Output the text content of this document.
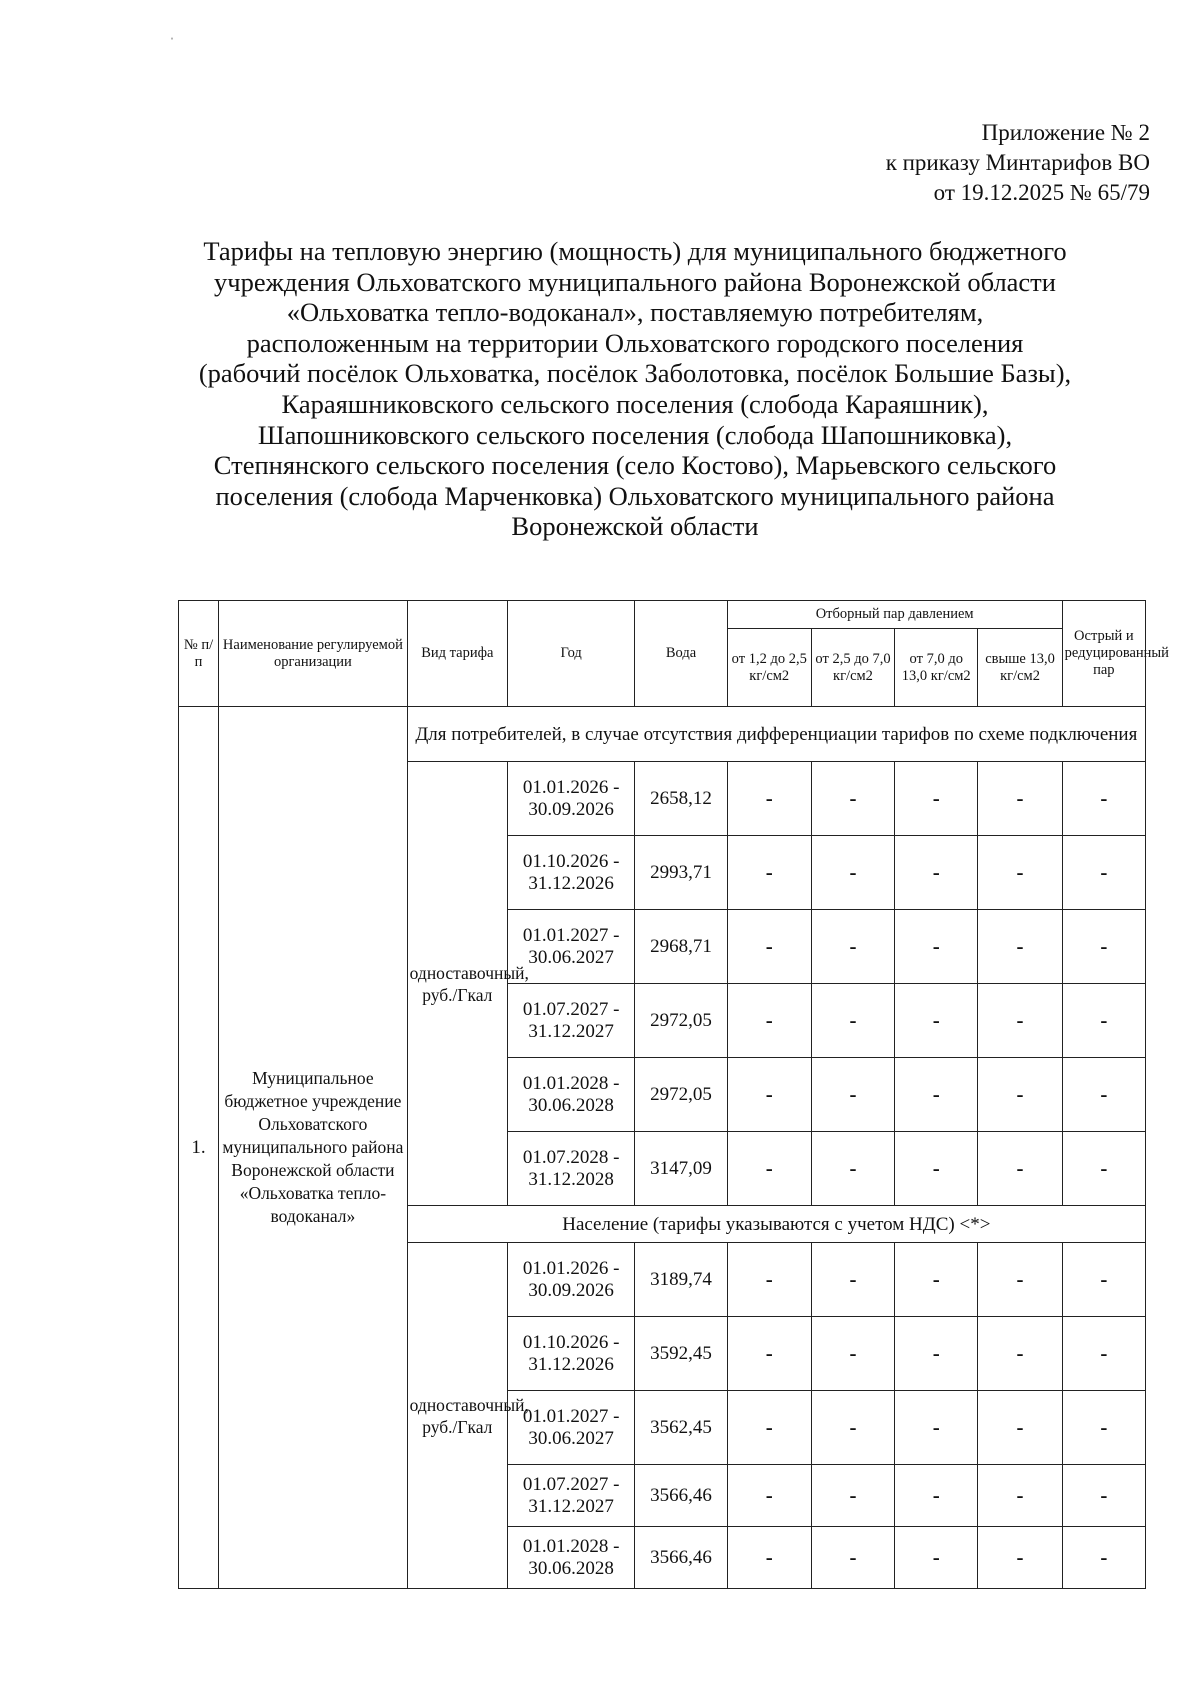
ˌ
Приложение № 2
к приказу Минтарифов ВО
от 19.12.2025 № 65/79
Тарифы на тепловую энергию (мощность) для муниципального бюджетного
учреждения Ольховатского муниципального района Воронежской области
«Ольховатка тепло-водоканал», поставляемую потребителям,
расположенным на территории Ольховатского городского поселения
(рабочий посёлок Ольховатка, посёлок Заболотовка, посёлок Большие Базы),
Караяшниковского сельского поселения (слобода Караяшник),
Шапошниковского сельского поселения (слобода Шапошниковка),
Степнянского сельского поселения (село Костово), Марьевского сельского
поселения (слобода Марченковка) Ольховатского муниципального района
Воронежской области
№ п/п	Наименование регулируемой организации	Вид тарифа	Год	Вода	Отборный пар давлением				Острый и редуцированный пар
					от 1,2 до 2,5 кг/см2	от 2,5 до 7,0 кг/см2	от 7,0 до 13,0 кг/см2	свыше 13,0 кг/см2	
1.	Муниципальное бюджетное учреждение Ольховатского муниципального района Воронежской области «Ольховатка тепло-водоканал»	Для потребителей, в случае отсутствия дифференциации тарифов по схеме подключения							
		одноставочный, руб./Гкал	01.01.2026 - 30.09.2026	2658,12	-	-	-	-	-
			01.10.2026 - 31.12.2026	2993,71	-	-	-	-	-
			01.01.2027 - 30.06.2027	2968,71	-	-	-	-	-
			01.07.2027 - 31.12.2027	2972,05	-	-	-	-	-
			01.01.2028 - 30.06.2028	2972,05	-	-	-	-	-
			01.07.2028 - 31.12.2028	3147,09	-	-	-	-	-
		Население (тарифы указываются с учетом НДС) <*>							
		одноставочный, руб./Гкал	01.01.2026 - 30.09.2026	3189,74	-	-	-	-	-
			01.10.2026 - 31.12.2026	3592,45	-	-	-	-	-
			01.01.2027 - 30.06.2027	3562,45	-	-	-	-	-
			01.07.2027 - 31.12.2027	3566,46	-	-	-	-	-
			01.01.2028 - 30.06.2028	3566,46	-	-	-	-	-
